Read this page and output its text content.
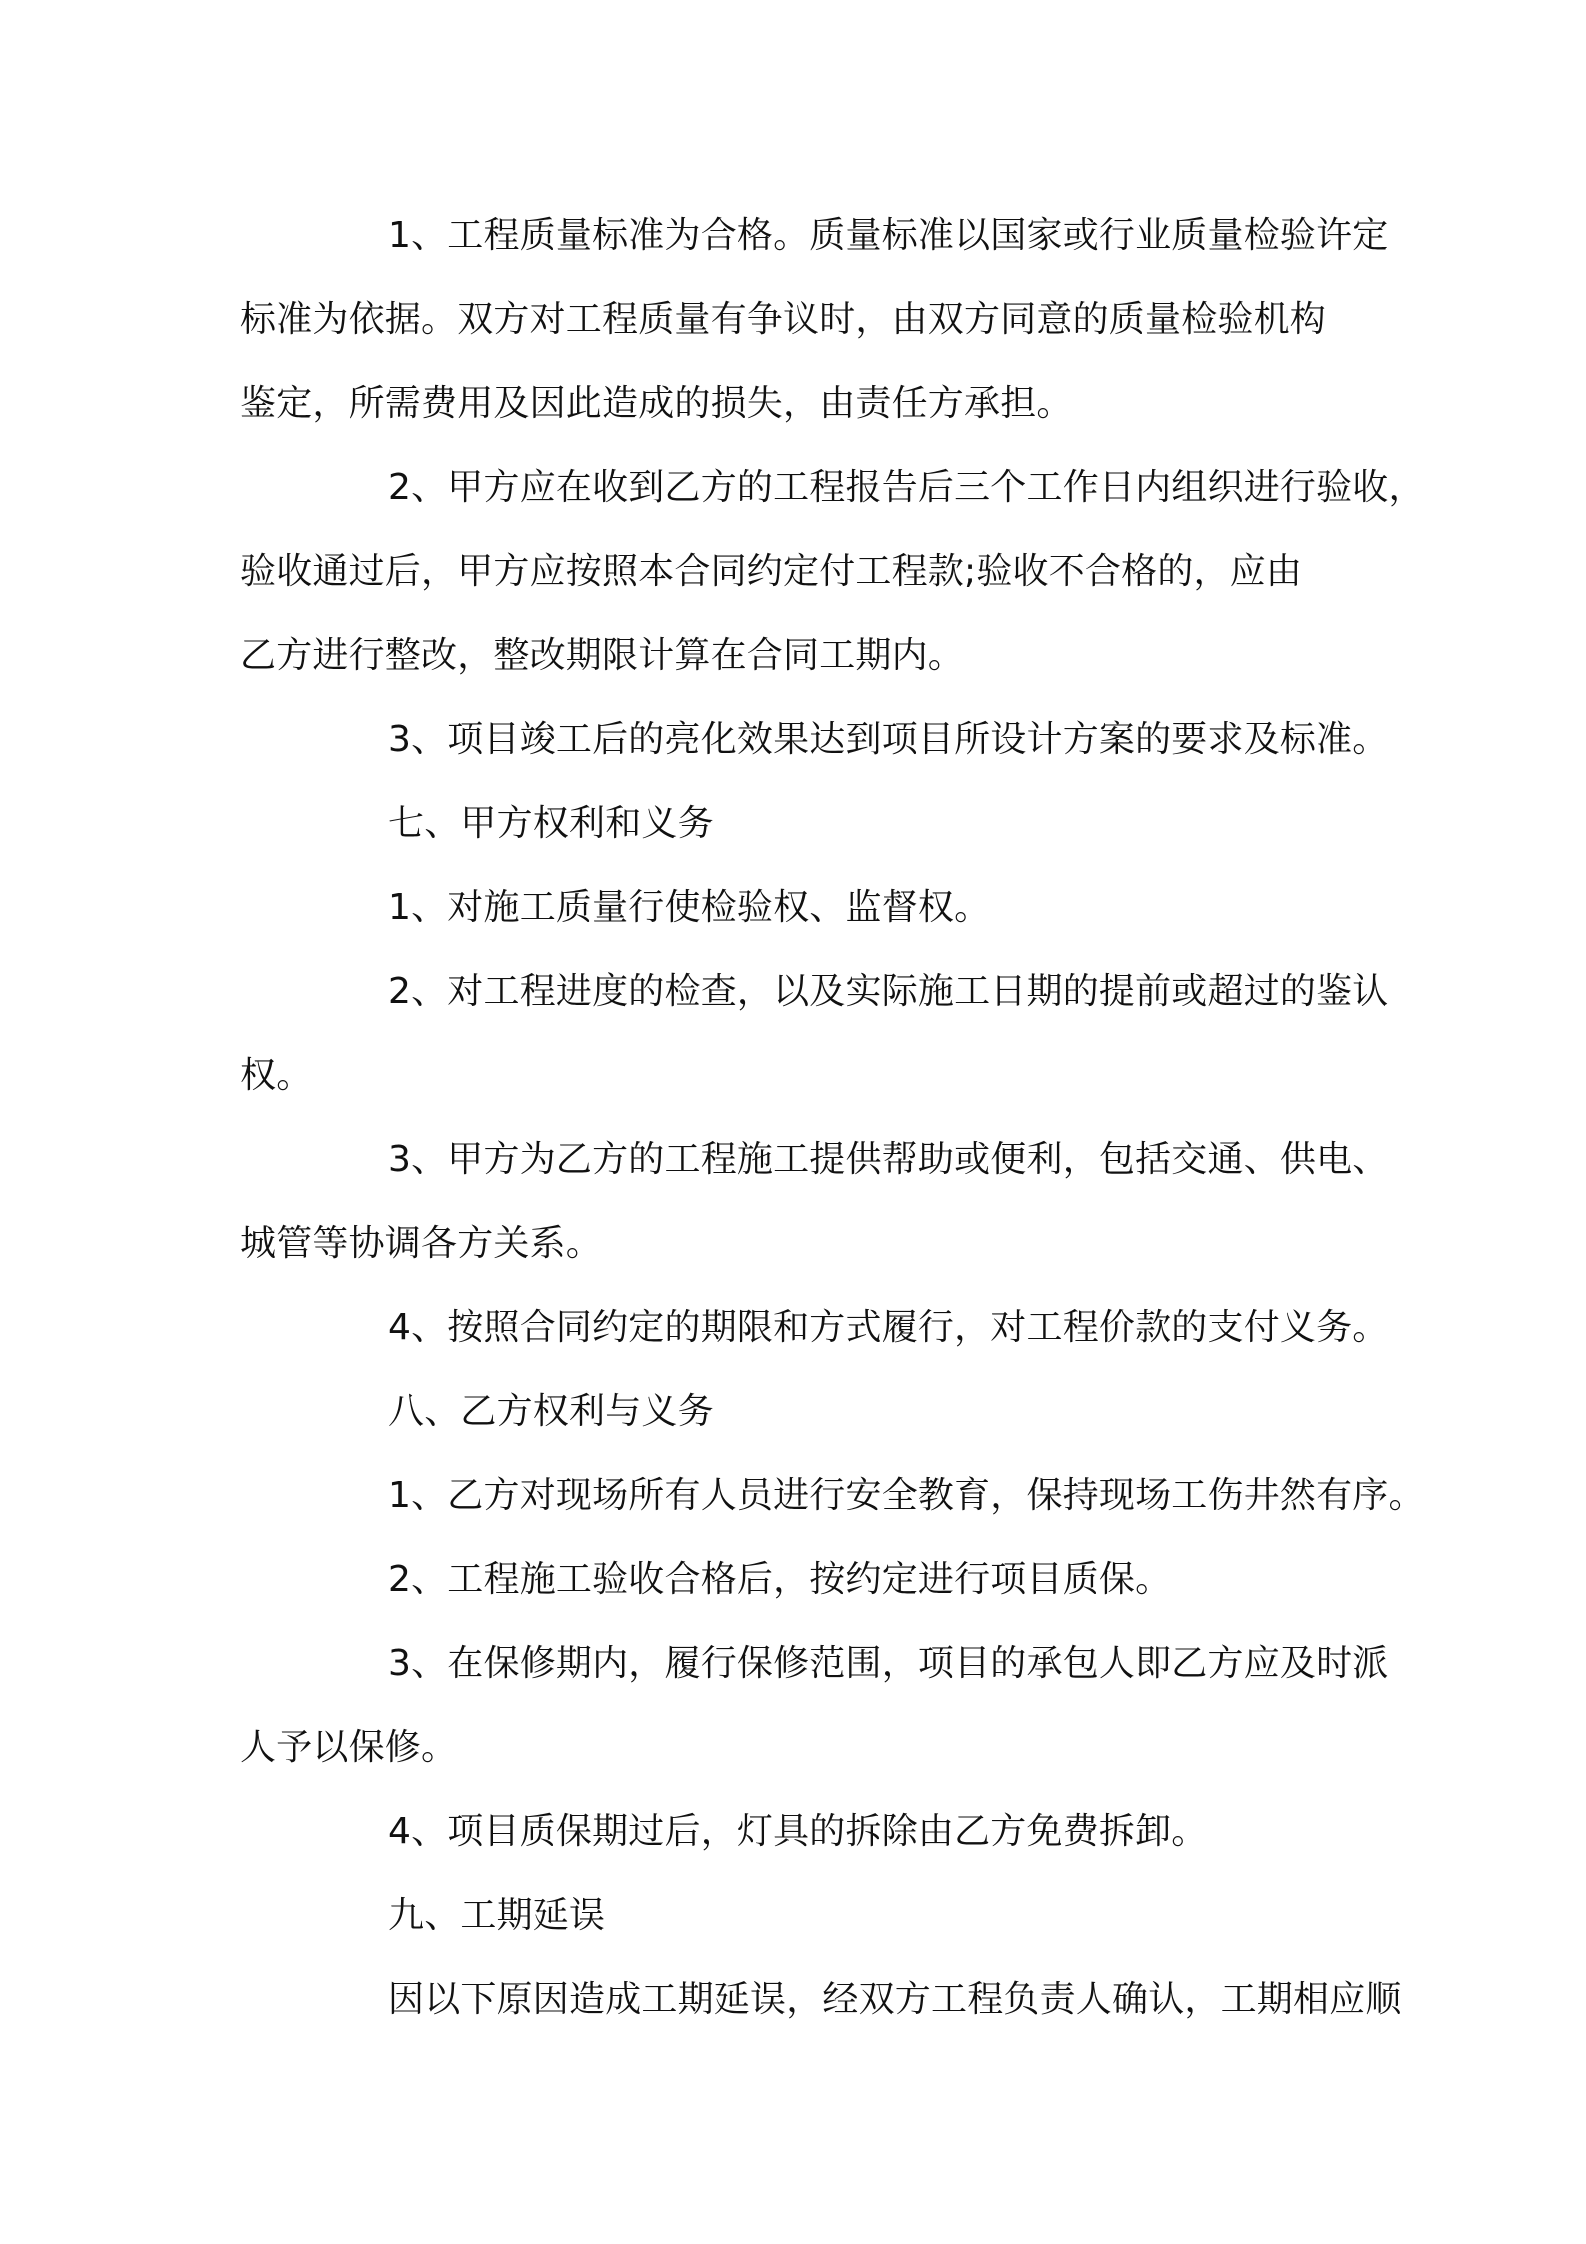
1、工程质量标准为合格。质量标准以国家或行业质量检验许定
标准为依据。双方对工程质量有争议时，由双方同意的质量检验机构
鉴定，所需费用及因此造成的损失，由责任方承担。

2、甲方应在收到乙方的工程报告后三个工作日内组织进行验收，
验收通过后，甲方应按照本合同约定付工程款;验收不合格的，应由
乙方进行整改，整改期限计算在合同工期内。

3、项目竣工后的亮化效果达到项目所设计方案的要求及标准。

七、甲方权利和义务

1、对施工质量行使检验权、监督权。

2、对工程进度的检查，以及实际施工日期的提前或超过的鉴认
权。

3、甲方为乙方的工程施工提供帮助或便利，包括交通、供电、
城管等协调各方关系。

4、按照合同约定的期限和方式履行，对工程价款的支付义务。

八、乙方权利与义务

1、乙方对现场所有人员进行安全教育，保持现场工伤井然有序。

2、工程施工验收合格后，按约定进行项目质保。

3、在保修期内，履行保修范围，项目的承包人即乙方应及时派
人予以保修。

4、项目质保期过后，灯具的拆除由乙方免费拆卸。

九、工期延误

因以下原因造成工期延误，经双方工程负责人确认，工期相应顺
